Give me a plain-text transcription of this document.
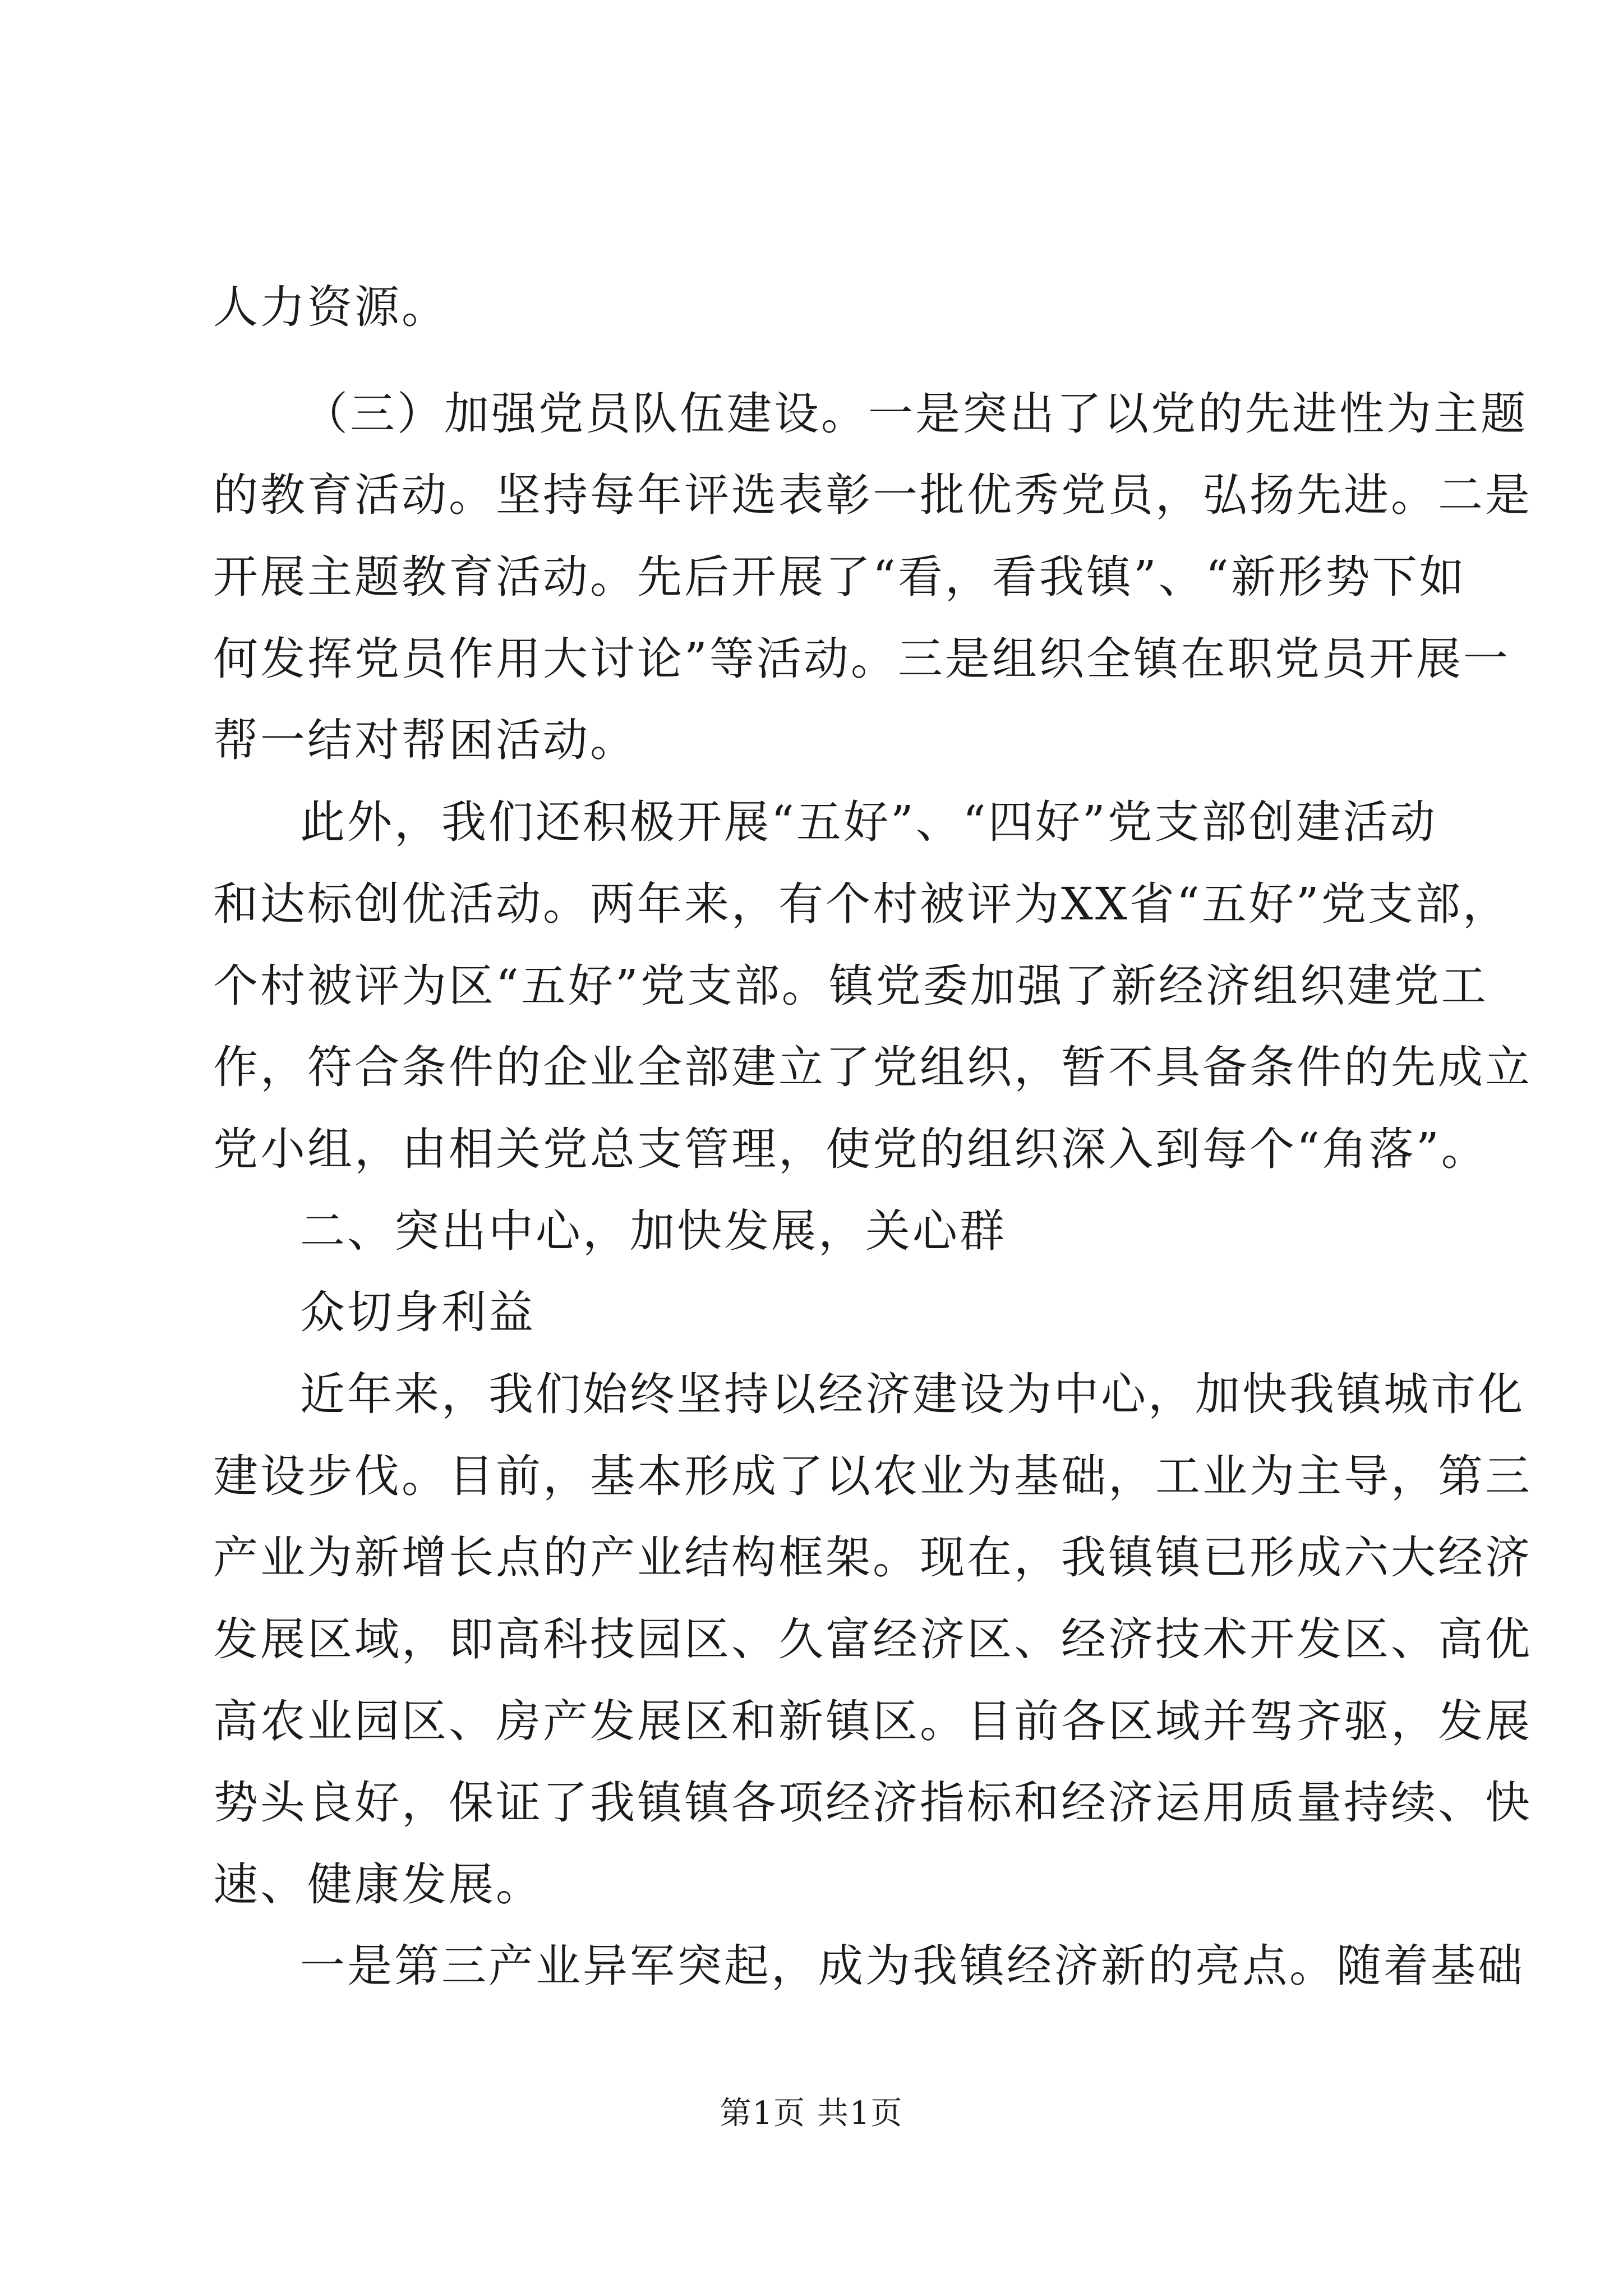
人力资源。
（三）加强党员队伍建设。一是突出了以党的先进性为主题
的教育活动。坚持每年评选表彰一批优秀党员，弘扬先进。二是
开展主题教育活动。先后开展了“看，看我镇”、“新形势下如
何发挥党员作用大讨论”等活动。三是组织全镇在职党员开展一
帮一结对帮困活动。
此外，我们还积极开展“五好”、“四好”党支部创建活动
和达标创优活动。两年来，有个村被评为XX省“五好”党支部，
个村被评为区“五好”党支部。镇党委加强了新经济组织建党工
作，符合条件的企业全部建立了党组织，暂不具备条件的先成立
党小组，由相关党总支管理，使党的组织深入到每个“角落”。
二、突出中心，加快发展，关心群
众切身利益
近年来，我们始终坚持以经济建设为中心，加快我镇城市化
建设步伐。目前，基本形成了以农业为基础，工业为主导，第三
产业为新增长点的产业结构框架。现在，我镇镇已形成六大经济
发展区域，即高科技园区、久富经济区、经济技术开发区、高优
高农业园区、房产发展区和新镇区。目前各区域并驾齐驱，发展
势头良好，保证了我镇镇各项经济指标和经济运用质量持续、快
速、健康发展。
一是第三产业异军突起，成为我镇经济新的亮点。随着基础
第1页 共1页
